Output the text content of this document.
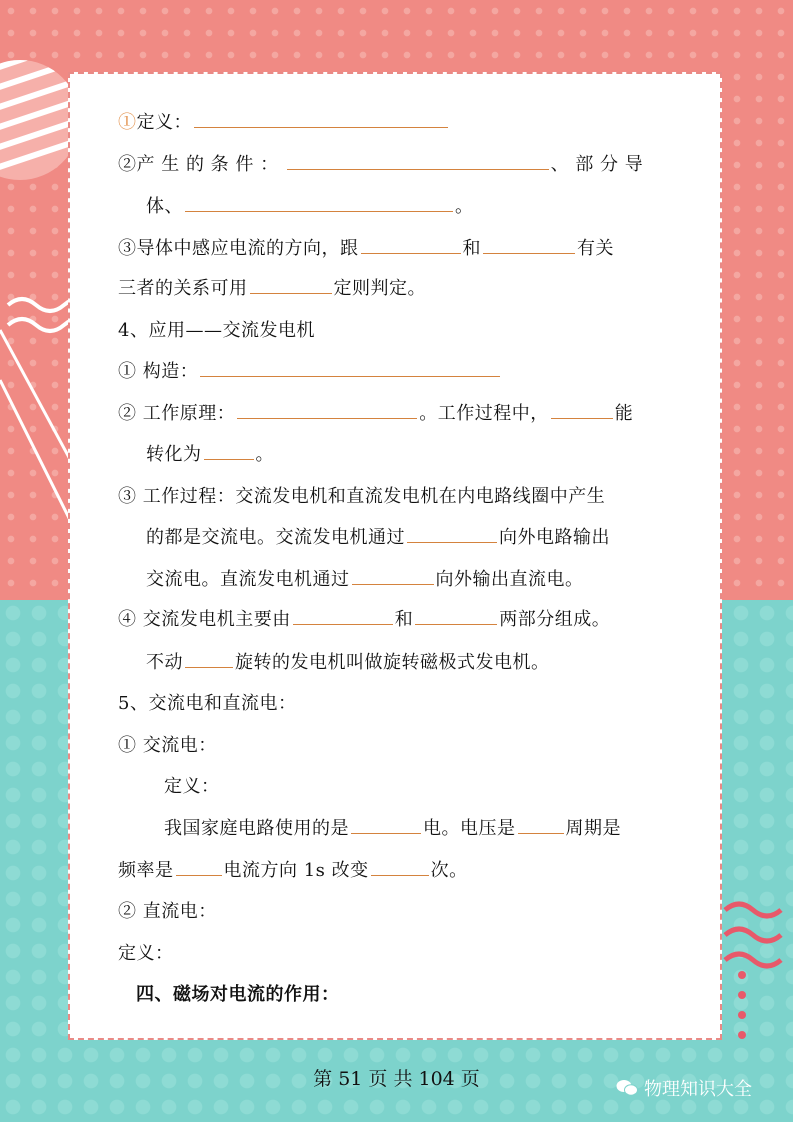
①定义：
②产 生 的 条 件 ：	、 部 分 导
体、	。
③导体中感应电流的方向，跟	和	有关
三者的关系可用	定则判定。
4、应用——交流发电机
① 构造：
② 工作原理：	。工作过程中，	能
转化为	。
③ 工作过程：交流发电机和直流发电机在内电路线圈中产生
的都是交流电。交流发电机通过	向外电路输出
交流电。直流发电机通过	向外输出直流电。
④ 交流发电机主要由	和	两部分组成。
不动	旋转的发电机叫做旋转磁极式发电机。
5、交流电和直流电：
① 交流电：
定义：
我国家庭电路使用的是	电。电压是	周期是
频率是	电流方向 1s 改变	次。
② 直流电：
定义：
四、磁场对电流的作用：
第 51 页 共 104 页	物理知识大全
